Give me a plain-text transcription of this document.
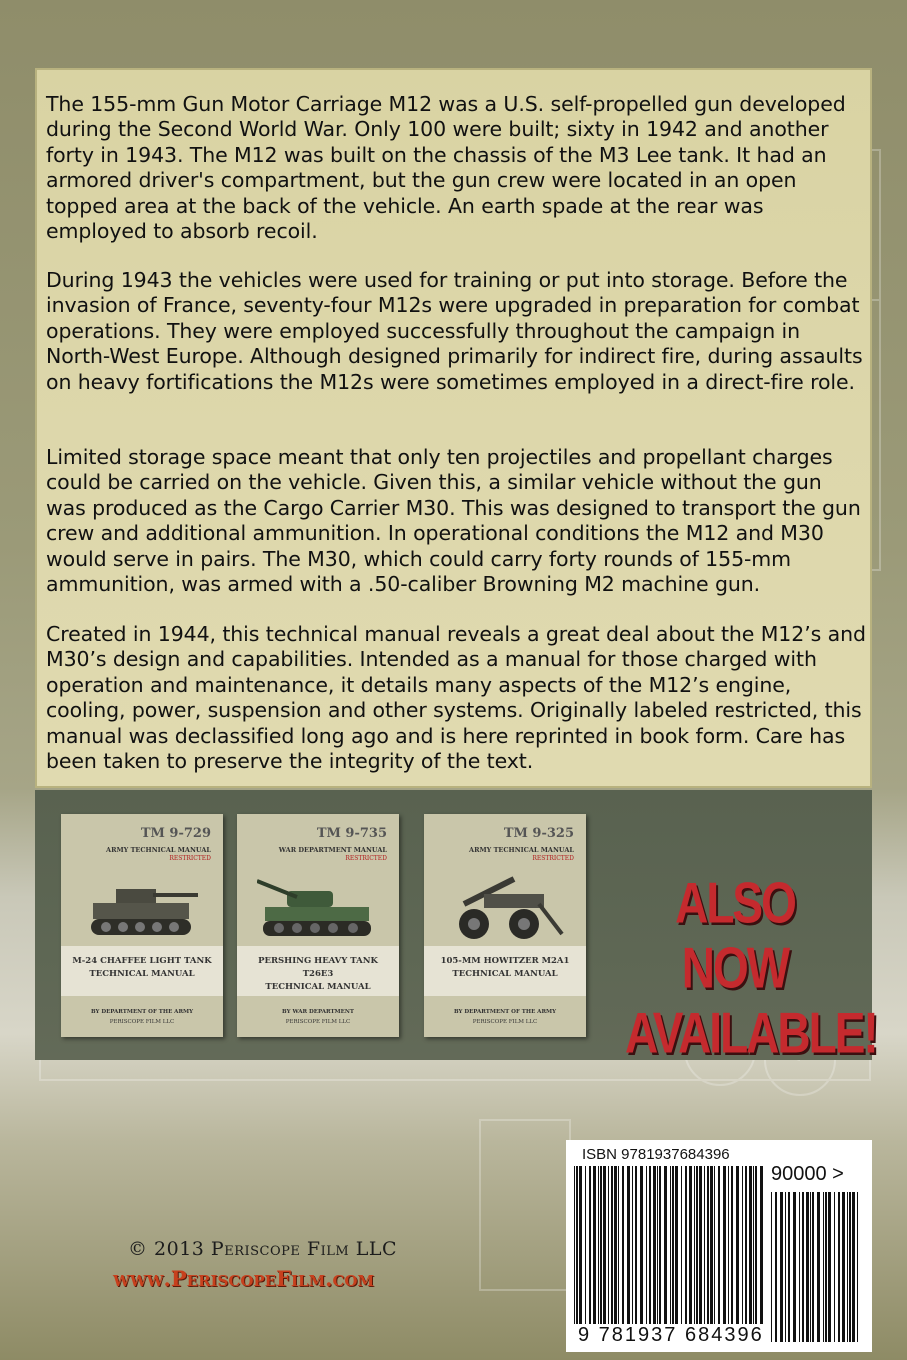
The 155-mm Gun Motor Carriage M12 was a U.S. self-propelled gun developed during the Second World War. Only 100 were built; sixty in 1942 and another forty in 1943. The M12 was built on the chassis of the M3 Lee tank. It had an armored driver's compartment, but the gun crew were located in an open topped area at the back of the vehicle. An earth spade at the rear was employed to absorb recoil.

During 1943 the vehicles were used for training or put into storage. Before the invasion of France, seventy-four M12s were upgraded in preparation for combat operations. They were employed successfully throughout the campaign in North-West Europe. Although designed primarily for indirect fire, during assaults on heavy fortifications the M12s were sometimes employed in a direct-fire role.

Limited storage space meant that only ten projectiles and propellant charges could be carried on the vehicle. Given this, a similar vehicle without the gun was produced as the Cargo Carrier M30. This was designed to transport the gun crew and additional ammunition. In operational conditions the M12 and M30 would serve in pairs. The M30, which could carry forty rounds of 155-mm ammunition, was armed with a .50-caliber Browning M2 machine gun.

Created in 1944, this technical manual reveals a great deal about the M12’s and M30’s design and capabilities. Intended as a manual for those charged with operation and maintenance, it details many aspects of the M12’s engine, cooling, power, suspension and other systems. Originally labeled restricted, this manual was declassified long ago and is here reprinted in book form. Care has been taken to preserve the integrity of the text.

TM 9-729
ARMY TECHNICAL MANUAL
RESTRICTED
M-24 CHAFFEE LIGHT TANK
TECHNICAL MANUAL
BY DEPARTMENT OF THE ARMY
PERISCOPE FILM LLC
TM 9-735
WAR DEPARTMENT MANUAL
RESTRICTED
PERSHING HEAVY TANK T26E3
TECHNICAL MANUAL
BY WAR DEPARTMENT
PERISCOPE FILM LLC
TM 9-325
ARMY TECHNICAL MANUAL
RESTRICTED
105-MM HOWITZER M2A1
TECHNICAL MANUAL
BY DEPARTMENT OF THE ARMY
PERISCOPE FILM LLC
ALSO NOW
AVAILABLE!
© 2013 Periscope Film LLC
www.PeriscopeFilm.com
ISBN 9781937684396
9 781937 684396
90000 >
